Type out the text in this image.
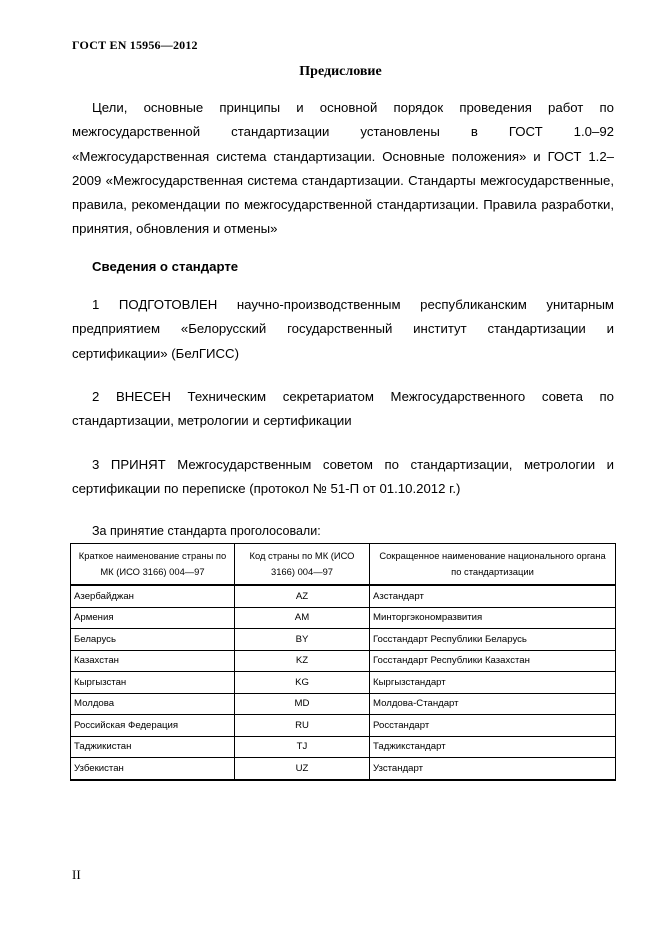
ГОСТ EN 15956—2012
Предисловие

Цели, основные принципы и основной порядок проведения работ по межгосударственной стандартизации установлены в ГОСТ 1.0–92 «Межгосударственная система стандартизации. Основные положения» и ГОСТ 1.2–2009 «Межгосударственная система стандартизации. Стандарты межгосударственные, правила, рекомендации по межгосударственной стандартизации. Правила разработки, принятия, обновления и отмены»

Сведения о стандарте

1 ПОДГОТОВЛЕН научно-производственным республиканским унитарным предприятием «Белорусский государственный институт стандартизации и сертификации» (БелГИСС)

2 ВНЕСЕН Техническим секретариатом Межгосударственного совета по стандартизации, метрологии и сертификации

3 ПРИНЯТ Межгосударственным советом по стандартизации, метрологии и сертификации по переписке (протокол № 51-П от 01.10.2012 г.)

За принятие стандарта проголосовали:
Краткое наименование страны по МК (ИСО 3166) 004—97	Код страны по МК (ИСО 3166) 004—97	Сокращенное наименование национального органа по стандартизации
Азербайджан	AZ	Азстандарт
Армения	AM	Минторгэкономразвития
Беларусь	BY	Госстандарт Республики Беларусь
Казахстан	KZ	Госстандарт Республики Казахстан
Кыргызстан	KG	Кыргызстандарт
Молдова	MD	Молдова-Стандарт
Российская Федерация	RU	Росстандарт
Таджикистан	TJ	Таджикстандарт
Узбекистан	UZ	Узстандарт
II
